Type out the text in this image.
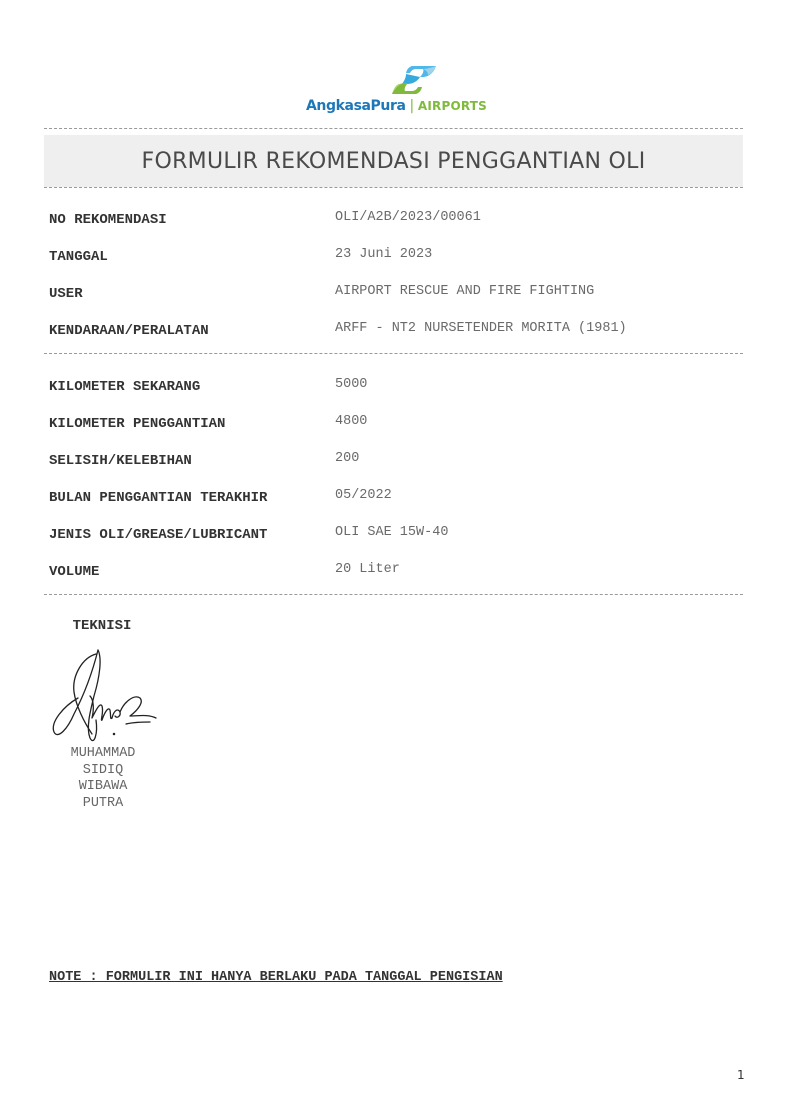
AngkasaPura | AIRPORTS
FORMULIR REKOMENDASI PENGGANTIAN OLI
NO REKOMENDASI	OLI/A2B/2023/00061
TANGGAL	23 Juni 2023
USER	AIRPORT RESCUE AND FIRE FIGHTING
KENDARAAN/PERALATAN	ARFF - NT2 NURSETENDER MORITA (1981)
KILOMETER SEKARANG	5000
KILOMETER PENGGANTIAN	4800
SELISIH/KELEBIHAN	200
BULAN PENGGANTIAN TERAKHIR	05/2022
JENIS OLI/GREASE/LUBRICANT	OLI SAE 15W-40
VOLUME	20 Liter
TEKNISI
MUHAMMAD
SIDIQ
WIBAWA
PUTRA
NOTE : FORMULIR INI HANYA BERLAKU PADA TANGGAL PENGISIAN
1
